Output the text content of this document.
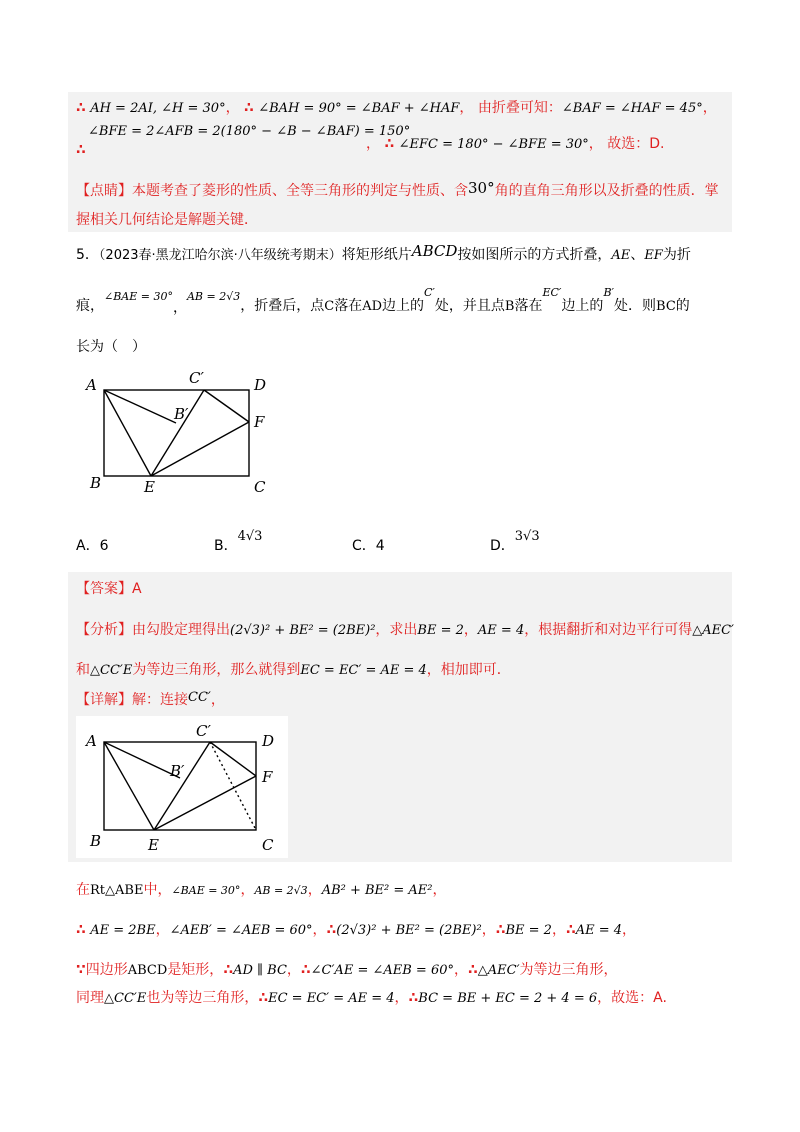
∴ AH = 2AI, ∠H = 30°， ∴ ∠BAH = 90° = ∠BAF + ∠HAF， 由折叠可知：∠BAF = ∠HAF = 45°，
∠BFE = 2∠AFB = 2(180° − ∠B − ∠BAF) = 150°
∴	， ∴ ∠EFC = 180° − ∠BFE = 30°， 故选：D.
【点睛】本题考查了菱形的性质、全等三角形的判定与性质、含30°角的直角三角形以及折叠的性质．掌
握相关几何结论是解题关键．
5．（2023春·黑龙江哈尔滨·八年级统考期末）将矩形纸片ABCD按如图所示的方式折叠，AE、EF为折
痕，$^{\angle BAE = 30^\circ}$，$^{AB = 2√3}$，折叠后，点C落在AD边上的$^{C'}$处，并且点B落在$^{EC'}$边上的$^{B'}$处．则BC的
长为（　）
A	C′	D
B′	F
B	E	C
A．6	B．4√3
C．4	D．3√3
【答案】A
【分析】由勾股定理得出(2√3)² + BE² = (2BE)²，求出BE = 2，AE = 4，根据翻折和对边平行可得△AEC′
和△CC′E为等边三角形，那么就得到EC = EC′ = AE = 4，相加即可．
【详解】解：连接CC′，
A
C′
D
B′	F
B	E	C
在Rt△ABE中，∠BAE = 30°，AB = 2√3，AB² + BE² = AE²，
∴ AE = 2BE，∠AEB′ = ∠AEB = 60°，∴(2√3)² + BE² = (2BE)²，∴BE = 2，∴AE = 4，
∵四边形ABCD是矩形，∴AD ∥ BC，∴∠C′AE = ∠AEB = 60°，∴△AEC′为等边三角形，
同理△CC′E也为等边三角形，∴EC = EC′ = AE = 4，∴BC = BE + EC = 2 + 4 = 6，故选：A.
